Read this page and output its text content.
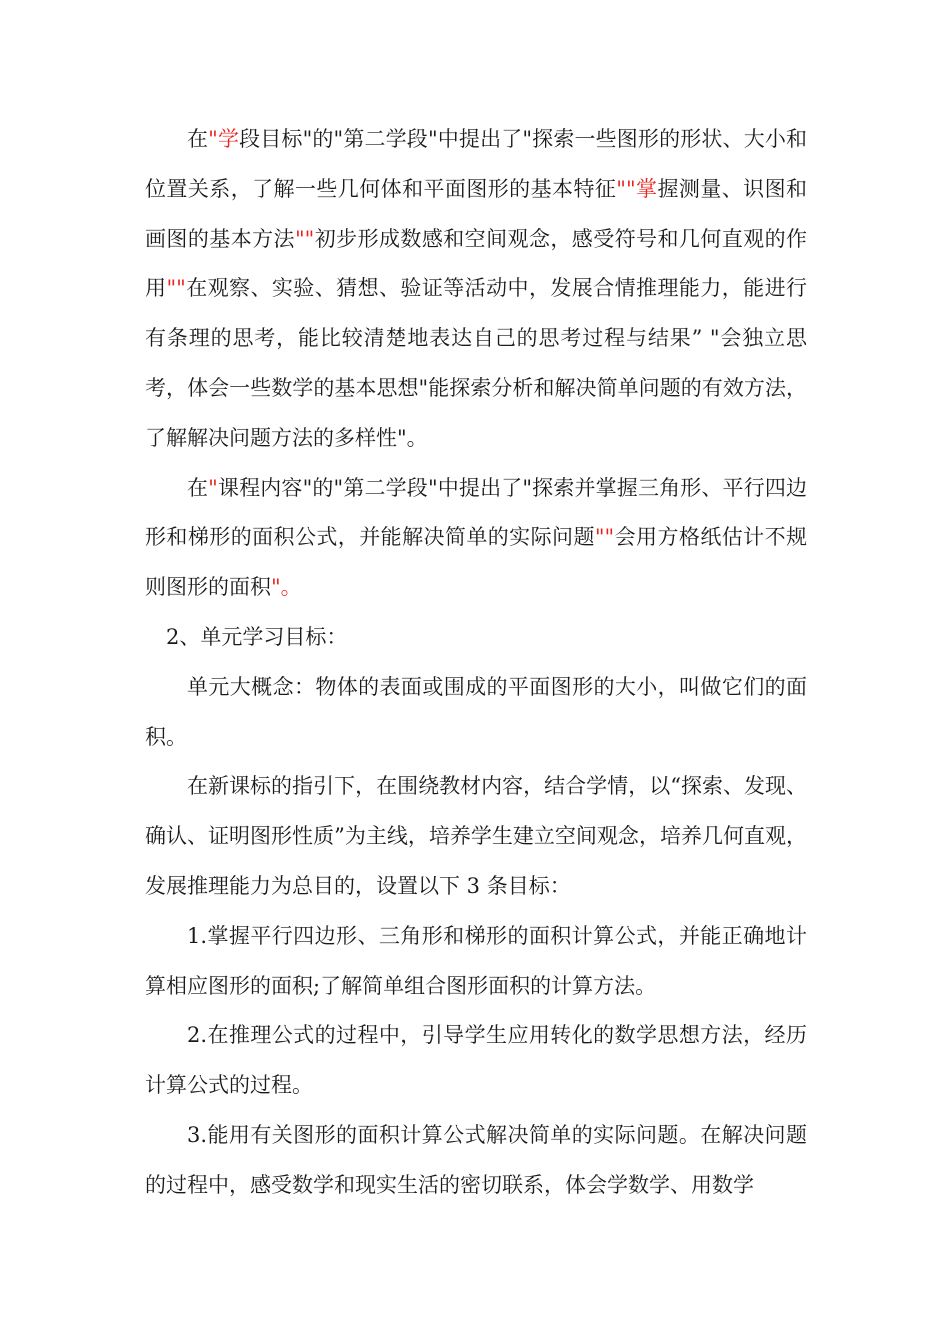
在"学段目标"的"第二学段"中提出了"探索一些图形的形状、大小和位置关系，了解一些几何体和平面图形的基本特征""掌握测量、识图和画图的基本方法""初步形成数感和空间观念，感受符号和几何直观的作用""在观察、实验、猜想、验证等活动中，发展合情推理能力，能进行有条理的思考，能比较清楚地表达自己的思考过程与结果” "会独立思考，体会一些数学的基本思想"能探索分析和解决简单问题的有效方法，了解解决问题方法的多样性"。

在"课程内容"的"第二学段"中提出了"探索并掌握三角形、平行四边形和梯形的面积公式，并能解决简单的实际问题""会用方格纸估计不规则图形的面积"。

2、单元学习目标：

单元大概念：物体的表面或围成的平面图形的大小，叫做它们的面积。

在新课标的指引下，在围绕教材内容，结合学情，以“探索、发现、确认、证明图形性质”为主线，培养学生建立空间观念，培养几何直观，发展推理能力为总目的，设置以下 3 条目标：

1.掌握平行四边形、三角形和梯形的面积计算公式，并能正确地计算相应图形的面积;了解简单组合图形面积的计算方法。

2.在推理公式的过程中，引导学生应用转化的数学思想方法，经历计算公式的过程。

3.能用有关图形的面积计算公式解决简单的实际问题。在解决问题的过程中，感受数学和现实生活的密切联系，体会学数学、用数学
